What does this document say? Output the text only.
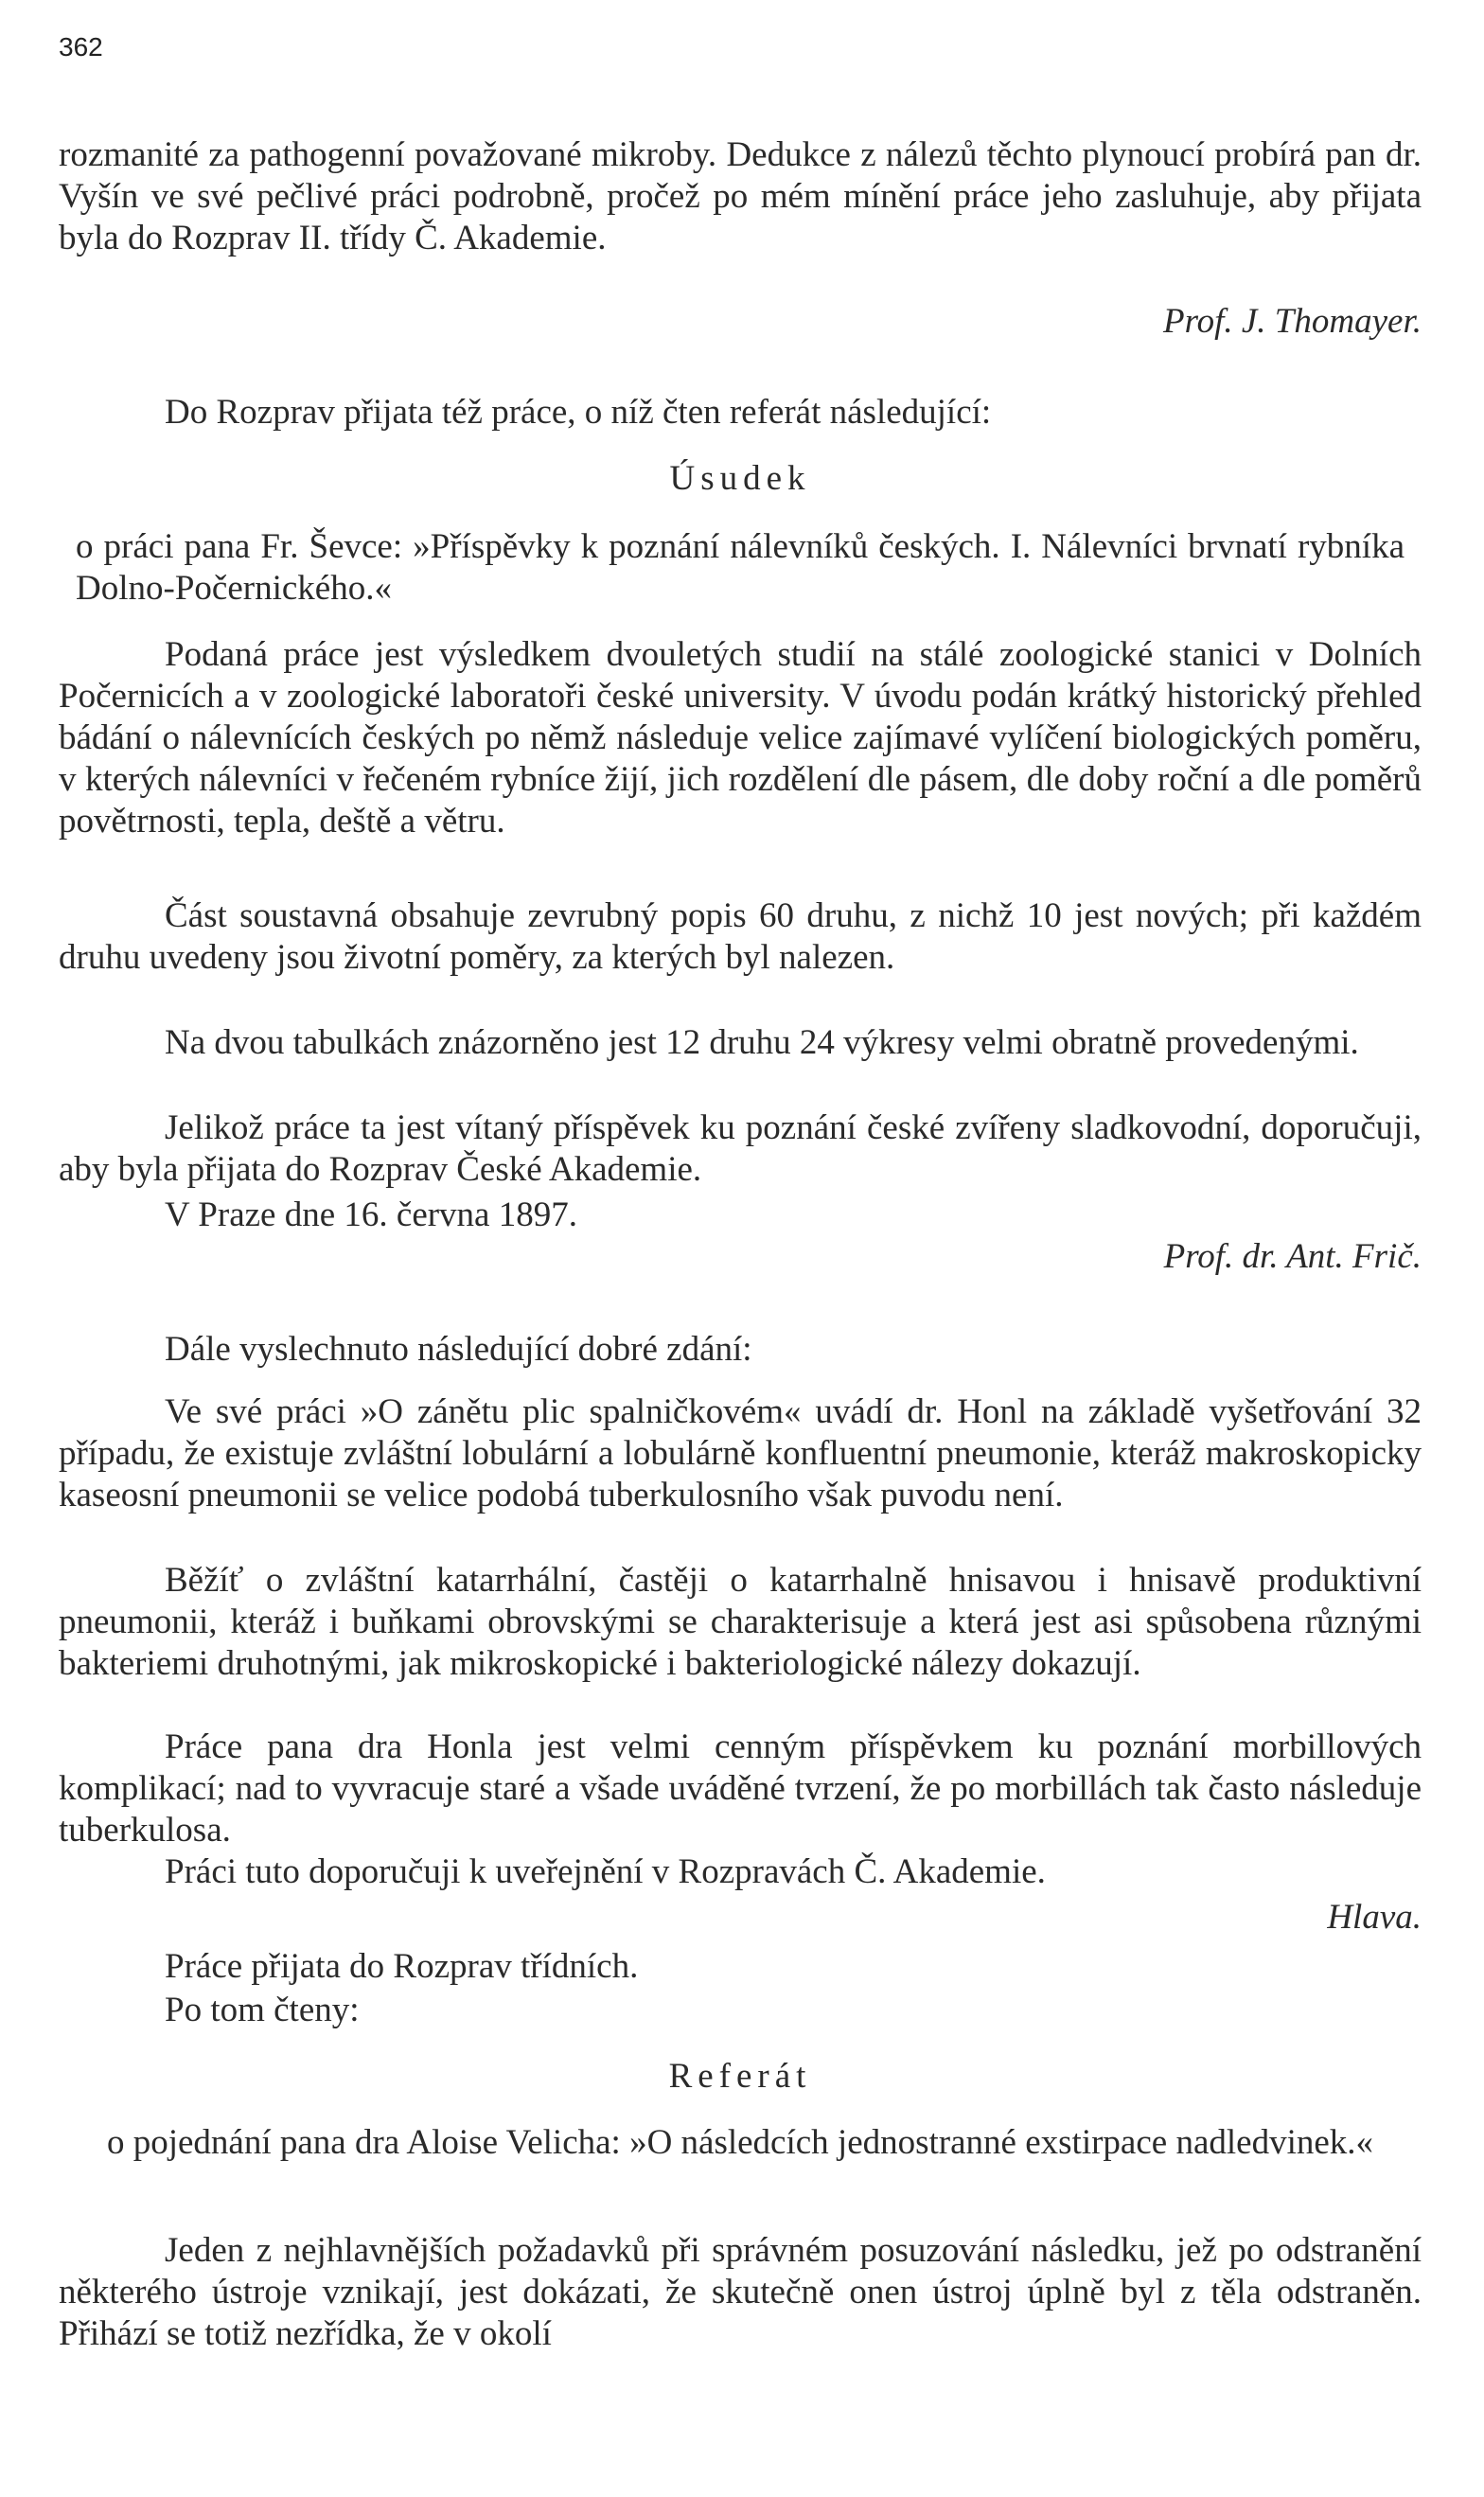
362

rozmanité za pathogenní považované mikroby. Dedukce z nálezů těchto plynoucí probírá pan dr. Vyšín ve své pečlivé práci podrobně, pročež po mém mínění práce jeho zasluhuje, aby přijata byla do Rozprav II. třídy Č. Akademie.

Prof. J. Thomayer.

Do Rozprav přijata též práce, o níž čten referát následující:

Úsudek

o práci pana Fr. Ševce: »Příspěvky k poznání nálevníků českých. I. Nálevníci brvnatí rybníka Dolno-Počernického.«

Podaná práce jest výsledkem dvouletých studií na stálé zoologické stanici v Dolních Počernicích a v zoologické laboratoři české university. V úvodu podán krátký historický přehled bádání o nálevnících českých po němž následuje velice zajímavé vylíčení biologických poměru, v kterých nálevníci v řečeném rybníce žijí, jich rozdělení dle pásem, dle doby roční a dle poměrů povětrnosti, tepla, deště a větru.

Část soustavná obsahuje zevrubný popis 60 druhu, z nichž 10 jest nových; při každém druhu uvedeny jsou životní poměry, za kterých byl nalezen.

Na dvou tabulkách znázorněno jest 12 druhu 24 výkresy velmi obratně provedenými.

Jelikož práce ta jest vítaný příspěvek ku poznání české zvířeny sladkovodní, doporučuji, aby byla přijata do Rozprav České Akademie.

V Praze dne 16. června 1897.

Prof. dr. Ant. Frič.

Dále vyslechnuto následující dobré zdání:

Ve své práci »O zánětu plic spalničkovém« uvádí dr. Honl na základě vyšetřování 32 případu, že existuje zvláštní lobulární a lobulárně konfluentní pneumonie, kteráž makroskopicky kaseosní pneumonii se velice podobá tuberkulosního však puvodu není.

Běžíť o zvláštní katarrhální, častěji o katarrhalně hnisavou i hnisavě produktivní pneumonii, kteráž i buňkami obrovskými se charakterisuje a která jest asi spůsobena různými bakteriemi druhotnými, jak mikroskopické i bakteriologické nálezy dokazují.

Práce pana dra Honla jest velmi cenným příspěvkem ku poznání morbillových komplikací; nad to vyvracuje staré a všade uváděné tvrzení, že po morbillách tak často následuje tuberkulosa.

Práci tuto doporučuji k uveřejnění v Rozpravách Č. Akademie.

Hlava.

Práce přijata do Rozprav třídních.

Po tom čteny:

Referát

o pojednání pana dra Aloise Velicha: »O následcích jednostranné exstirpace nadledvinek.«

Jeden z nejhlavnějších požadavků při správném posuzování následku, jež po odstranění některého ústroje vznikají, jest dokázati, že skutečně onen ústroj úplně byl z těla odstraněn. Přihází se totiž nezřídka, že v okolí
